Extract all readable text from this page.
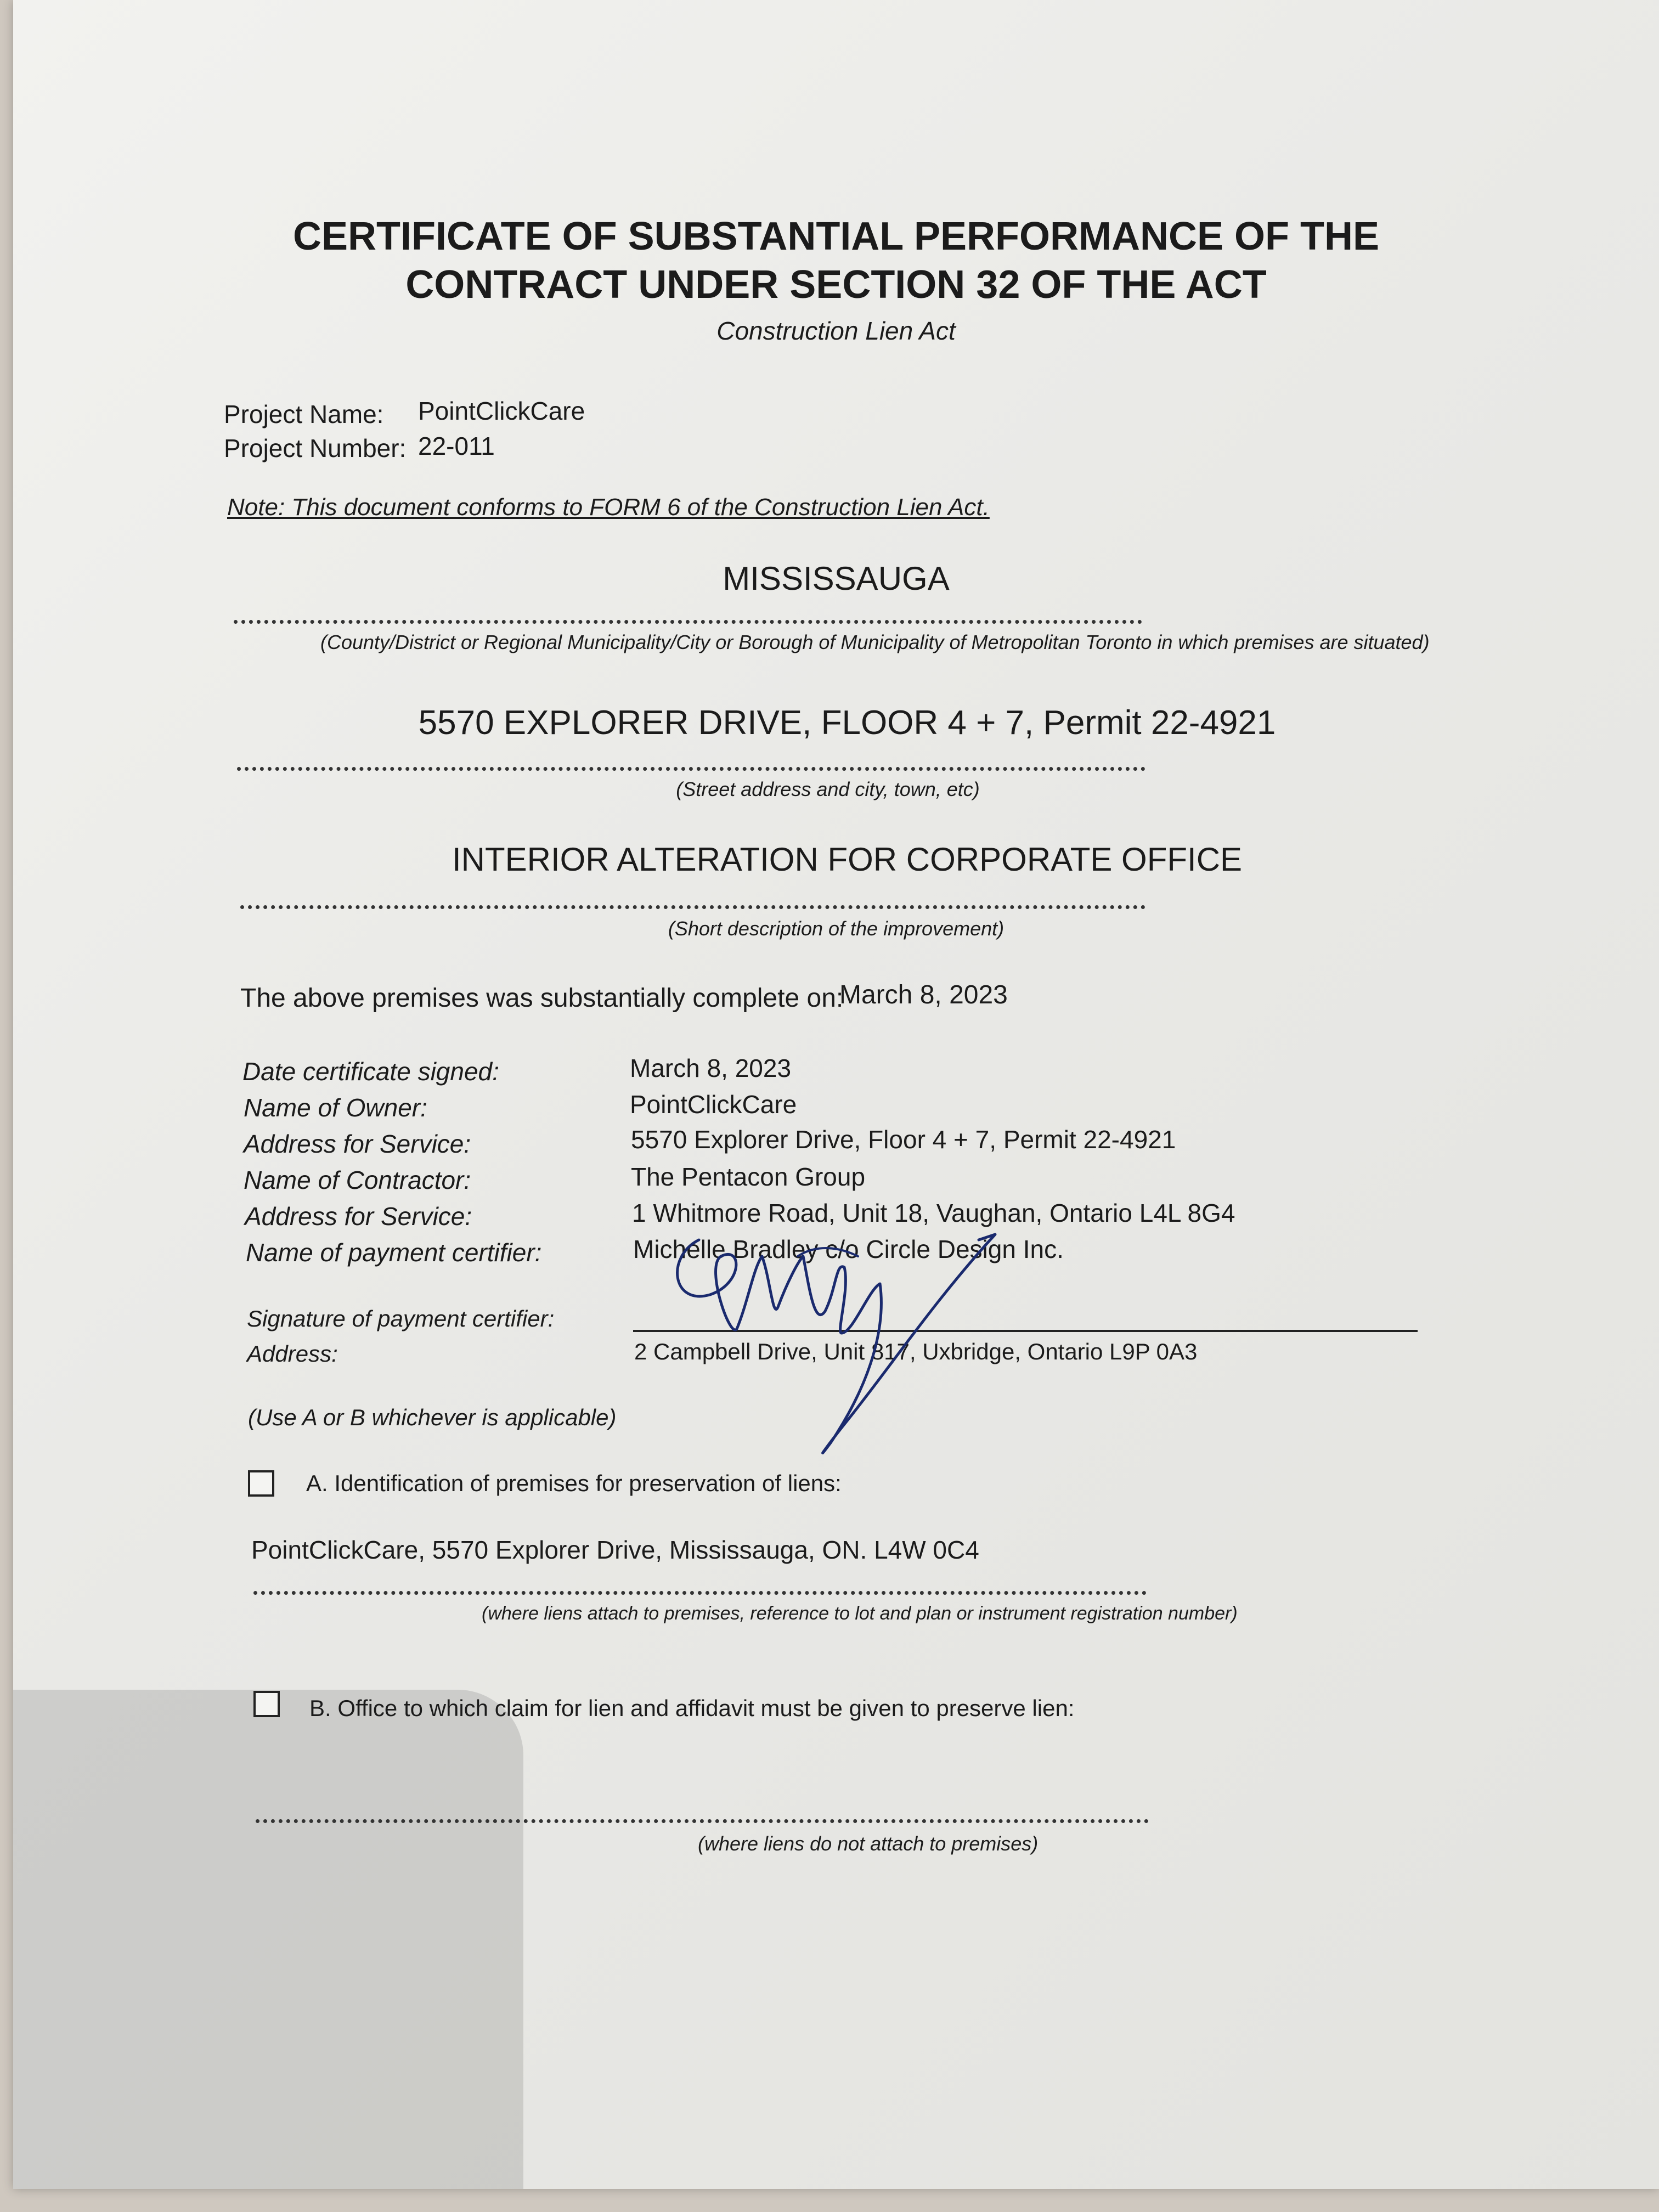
CERTIFICATE OF SUBSTANTIAL PERFORMANCE OF THE
CONTRACT UNDER SECTION 32 OF THE ACT
Construction Lien Act
Project Name: PointClickCare
Project Number: 22-011
Note: This document conforms to FORM 6 of the Construction Lien Act.
MISSISSAUGA
(County/District or Regional Municipality/City or Borough of Municipality of Metropolitan Toronto in which premises are situated)
5570 EXPLORER DRIVE, FLOOR 4 + 7, Permit 22-4921
(Street address and city, town, etc)
INTERIOR ALTERATION FOR CORPORATE OFFICE
(Short description of the improvement)
The above premises was substantially complete on:
March 8, 2023
Date certificate signed:	March 8, 2023
Name of Owner:	PointClickCare
Address for Service:	5570 Explorer Drive, Floor 4 + 7, Permit 22-4921
Name of Contractor:	The Pentacon Group
Address for Service:	1 Whitmore Road, Unit 18, Vaughan, Ontario L4L 8G4
Name of payment certifier:	Michelle Bradley c/o Circle Design Inc.
Signature of payment certifier:
Address:	2 Campbell Drive, Unit 817, Uxbridge, Ontario L9P 0A3
(Use A or B whichever is applicable)
A. Identification of premises for preservation of liens:
PointClickCare, 5570 Explorer Drive, Mississauga, ON. L4W 0C4
(where liens attach to premises, reference to lot and plan or instrument registration number)
B. Office to which claim for lien and affidavit must be given to preserve lien:
(where liens do not attach to premises)
